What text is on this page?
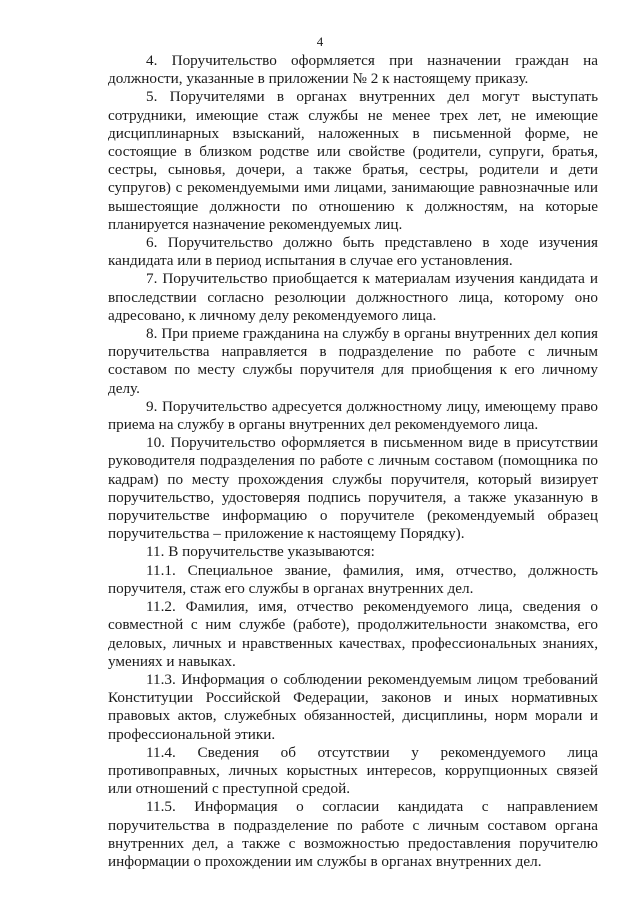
4

4. Поручительство оформляется при назначении граждан на должности, указанные в приложении № 2 к настоящему приказу.

5. Поручителями в органах внутренних дел могут выступать сотрудники, имеющие стаж службы не менее трех лет, не имеющие дисциплинарных взысканий, наложенных в письменной форме, не состоящие в близком родстве или свойстве (родители, супруги, братья, сестры, сыновья, дочери, а также братья, сестры, родители и дети супругов) с рекомендуемыми ими лицами, занимающие равнозначные или вышестоящие должности по отношению к должностям, на которые планируется назначение рекомендуемых лиц.

6. Поручительство должно быть представлено в ходе изучения кандидата или в период испытания в случае его установления.

7. Поручительство приобщается к материалам изучения кандидата и впоследствии согласно резолюции должностного лица, которому оно адресовано, к личному делу рекомендуемого лица.

8. При приеме гражданина на службу в органы внутренних дел копия поручительства направляется в подразделение по работе с личным составом по месту службы поручителя для приобщения к его личному делу.

9. Поручительство адресуется должностному лицу, имеющему право приема на службу в органы внутренних дел рекомендуемого лица.

10. Поручительство оформляется в письменном виде в присутствии руководителя подразделения по работе с личным составом (помощника по кадрам) по месту прохождения службы поручителя, который визирует поручительство, удостоверяя подпись поручителя, а также указанную в поручительстве информацию о поручителе (рекомендуемый образец поручительства – приложение к настоящему Порядку).

11. В поручительстве указываются:

11.1. Специальное звание, фамилия, имя, отчество, должность поручителя, стаж его службы в органах внутренних дел.

11.2. Фамилия, имя, отчество рекомендуемого лица, сведения о совместной с ним службе (работе), продолжительности знакомства, его деловых, личных и нравственных качествах, профессиональных знаниях, умениях и навыках.

11.3. Информация о соблюдении рекомендуемым лицом требований Конституции Российской Федерации, законов и иных нормативных правовых актов, служебных обязанностей, дисциплины, норм морали и профессиональной этики.

11.4. Сведения об отсутствии у рекомендуемого лица противоправных, личных корыстных интересов, коррупционных связей или отношений с преступной средой.

11.5. Информация о согласии кандидата с направлением поручительства в подразделение по работе с личным составом органа внутренних дел, а также с возможностью предоставления поручителю информации о прохождении им службы в органах внутренних дел.
